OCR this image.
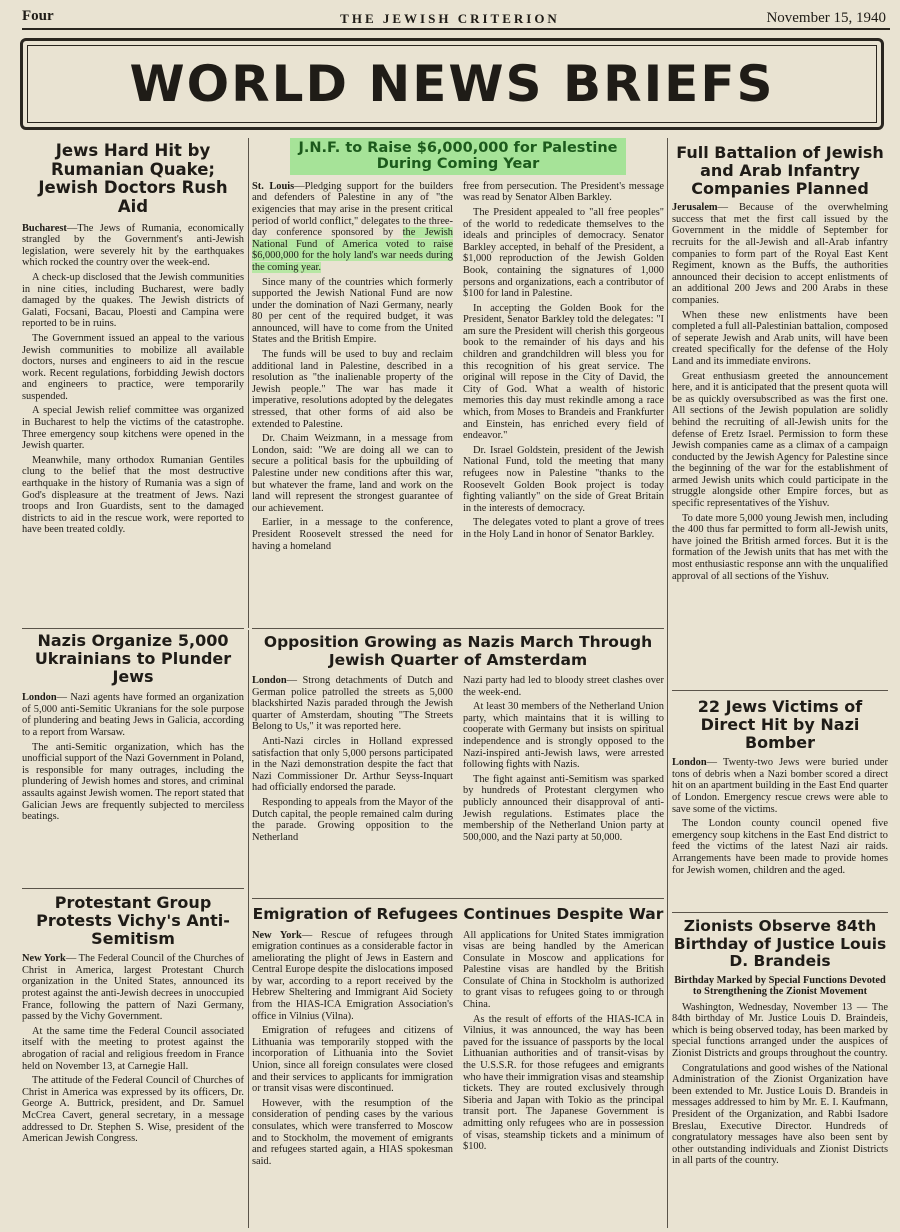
Four	THE JEWISH CRITERION	November 15, 1940
WORLD NEWS BRIEFS
Jews Hard Hit by Rumanian Quake; Jewish Doctors Rush Aid

Bucharest—The Jews of Rumania, economically strangled by the Government's anti-Jewish legislation, were severely hit by the earthquakes which rocked the country over the week-end.

A check-up disclosed that the Jewish communities in nine cities, including Bucharest, were badly damaged by the quakes. The Jewish districts of Galati, Focsani, Bacau, Ploesti and Campina were reported to be in ruins.

The Government issued an appeal to the various Jewish communities to mobilize all available doctors, nurses and engineers to aid in the rescue work. Recent regulations, forbidding Jewish doctors and engineers to practice, were temporarily suspended.

A special Jewish relief committee was organized in Bucharest to help the victims of the catastrophe. Three emergency soup kitchens were opened in the Jewish quarter.

Meanwhile, many orthodox Rumanian Gentiles clung to the belief that the most destructive earthquake in the history of Rumania was a sign of God's displeasure at the treatment of Jews. Nazi troops and Iron Guardists, sent to the damaged districts to aid in the rescue work, were reported to have been treated coldly.

J.N.F. to Raise $6,000,000 for Palestine During Coming Year

St. Louis—Pledging support for the builders and defenders of Palestine in any of "the exigencies that may arise in the present critical period of world conflict," delegates to the three-day conference sponsored by the Jewish National Fund of America voted to raise $6,000,000 for the holy land's war needs during the coming year.

Since many of the countries which formerly supported the Jewish National Fund are now under the domination of Nazi Germany, nearly 80 per cent of the required budget, it was announced, will have to come from the United States and the British Empire.

The funds will be used to buy and reclaim additional land in Palestine, described in a resolution as "the inalienable property of the Jewish people." The war has made it imperative, resolutions adopted by the delegates stressed, that other forms of aid also be extended to Palestine.

Dr. Chaim Weizmann, in a message from London, said: "We are doing all we can to secure a political basis for the upbuilding of Palestine under new conditions after this war, but whatever the frame, land and work on the land will represent the strongest guarantee of our achievement.

Earlier, in a message to the conference, President Roosevelt stressed the need for having a homeland

free from persecution. The President's message was read by Senator Alben Barkley.

The President appealed to "all free peoples" of the world to rededicate themselves to the ideals and principles of democracy. Senator Barkley accepted, in behalf of the President, a $1,000 reproduction of the Jewish Golden Book, containing the signatures of 1,000 persons and organizations, each a contributor of $100 for land in Palestine.

In accepting the Golden Book for the President, Senator Barkley told the delegates: "I am sure the President will cherish this gorgeous book to the remainder of his days and his children and grandchildren will bless you for this recognition of his great service. The original will repose in the City of David, the City of God. What a wealth of historic memories this day must rekindle among a race which, from Moses to Brandeis and Frankfurter and Einstein, has enriched every field of endeavor."

Dr. Israel Goldstein, president of the Jewish National Fund, told the meeting that many refugees now in Palestine "thanks to the Roosevelt Golden Book project is today fighting valiantly" on the side of Great Britain in the interests of democracy.

The delegates voted to plant a grove of trees in the Holy Land in honor of Senator Barkley.

Full Battalion of Jewish and Arab Infantry Companies Planned

Jerusalem— Because of the overwhelming success that met the first call issued by the Government in the middle of September for recruits for the all-Jewish and all-Arab infantry companies to form part of the Royal East Kent Regiment, known as the Buffs, the authorities announced their decision to accept enlistments of an additional 200 Jews and 200 Arabs in these companies.

When these new enlistments have been completed a full all-Palestinian battalion, composed of seperate Jewish and Arab units, will have been created specifically for the defense of the Holy Land and its immediate environs.

Great enthusiasm greeted the announcement here, and it is anticipated that the present quota will be as quickly oversubscribed as was the first one. All sections of the Jewish population are solidly behind the recruiting of all-Jewish units for the defense of Eretz Israel. Permission to form these Jewish companies came as a climax of a campaign conducted by the Jewish Agency for Palestine since the beginning of the war for the establishment of armed Jewish units which could participate in the struggle alongside other Empire forces, but as specific representatives of the Yishuv.

To date more 5,000 young Jewish men, including the 400 thus far permitted to form all-Jewish units, have joined the British armed forces. But it is the formation of the Jewish units that has met with the most enthusiastic response ann with the unqualified approval of all sections of the Yishuv.

Nazis Organize 5,000 Ukrainians to Plunder Jews

London— Nazi agents have formed an organization of 5,000 anti-Semitic Ukranians for the sole purpose of plundering and beating Jews in Galicia, according to a report from Warsaw.

The anti-Semitic organization, which has the unofficial support of the Nazi Government in Poland, is responsible for many outrages, including the plundering of Jewish homes and stores, and criminal assaults against Jewish women. The report stated that Galician Jews are frequently subjected to merciless beatings.

Opposition Growing as Nazis March Through Jewish Quarter of Amsterdam

London— Strong detachments of Dutch and German police patrolled the streets as 5,000 blackshirted Nazis paraded through the Jewish quarter of Amsterdam, shouting "The Streets Belong to Us," it was reported here.

Anti-Nazi circles in Holland expressed satisfaction that only 5,000 persons participated in the Nazi demonstration despite the fact that Nazi Commissioner Dr. Arthur Seyss-Inquart had officially endorsed the parade.

Responding to appeals from the Mayor of the Dutch capital, the people remained calm during the parade. Growing opposition to the Netherland

Nazi party had led to bloody street clashes over the week-end.

At least 30 members of the Netherland Union party, which maintains that it is willing to cooperate with Germany but insists on spiritual independence and is strongly opposed to the Nazi-inspired anti-Jewish laws, were arrested following fights with Nazis.

The fight against anti-Semitism was sparked by hundreds of Protestant clergymen who publicly announced their disapproval of anti-Jewish regulations. Estimates place the membership of the Netherland Union party at 500,000, and the Nazi party at 50,000.

22 Jews Victims of Direct Hit by Nazi Bomber

London— Twenty-two Jews were buried under tons of debris when a Nazi bomber scored a direct hit on an apartment building in the East End quarter of London. Emergency rescue crews were able to save some of the victims.

The London county council opened five emergency soup kitchens in the East End district to feed the victims of the latest Nazi air raids. Arrangements have been made to provide homes for Jewish women, children and the aged.

Protestant Group Protests Vichy's Anti-Semitism

New York— The Federal Council of the Churches of Christ in America, largest Protestant Church organization in the United States, announced its protest against the anti-Jewish decrees in unoccupied France, following the pattern of Nazi Germany, passed by the Vichy Government.

At the same time the Federal Council associated itself with the meeting to protest against the abrogation of racial and religious freedom in France held on November 13, at Carnegie Hall.

The attitude of the Federal Council of Churches of Christ in America was expressed by its officers, Dr. George A. Buttrick, president, and Dr. Samuel McCrea Cavert, general secretary, in a message addressed to Dr. Stephen S. Wise, president of the American Jewish Congress.

Emigration of Refugees Continues Despite War

New York— Rescue of refugees through emigration continues as a considerable factor in ameliorating the plight of Jews in Eastern and Central Europe despite the dislocations imposed by war, according to a report received by the Hebrew Sheltering and Immigrant Aid Society from the HIAS-ICA Emigration Association's office in Vilnius (Vilna).

Emigration of refugees and citizens of Lithuania was temporarily stopped with the incorporation of Lithuania into the Soviet Union, since all foreign consulates were closed and their services to applicants for immigration or transit visas were discontinued.

However, with the resumption of the consideration of pending cases by the various consulates, which were transferred to Moscow and to Stockholm, the movement of emigrants and refugees started again, a HIAS spokesman said.

All applications for United States immigration visas are being handled by the American Consulate in Moscow and applications for Palestine visas are handled by the British Consulate of China in Stockholm is authorized to grant visas to refugees going to or through China.

As the result of efforts of the HIAS-ICA in Vilnius, it was announced, the way has been paved for the issuance of passports by the local Lithuanian authorities and of transit-visas by the U.S.S.R. for those refugees and emigrants who have their immigration visas and steamship tickets. They are routed exclusively through Siberia and Japan with Tokio as the principal transit port. The Japanese Government is admitting only refugees who are in possession of visas, steamship tickets and a minimum of $100.

Zionists Observe 84th Birthday of Justice Louis D. Brandeis
Birthday Marked by Special Functions Devoted to Strengthening the Zionist Movement

Washington, Wednesday, November 13 — The 84th birthday of Mr. Justice Louis D. Braindeis, which is being observed today, has been marked by special functions arranged under the auspices of Zionist Districts and groups throughout the country.

Congratulations and good wishes of the National Administration of the Zionist Organization have been extended to Mr. Justice Louis D. Brandeis in messages addressed to him by Mr. E. I. Kaufmann, President of the Organization, and Rabbi Isadore Breslau, Executive Director. Hundreds of congratulatory messages have also been sent by other outstanding individuals and Zionist Districts in all parts of the country.
